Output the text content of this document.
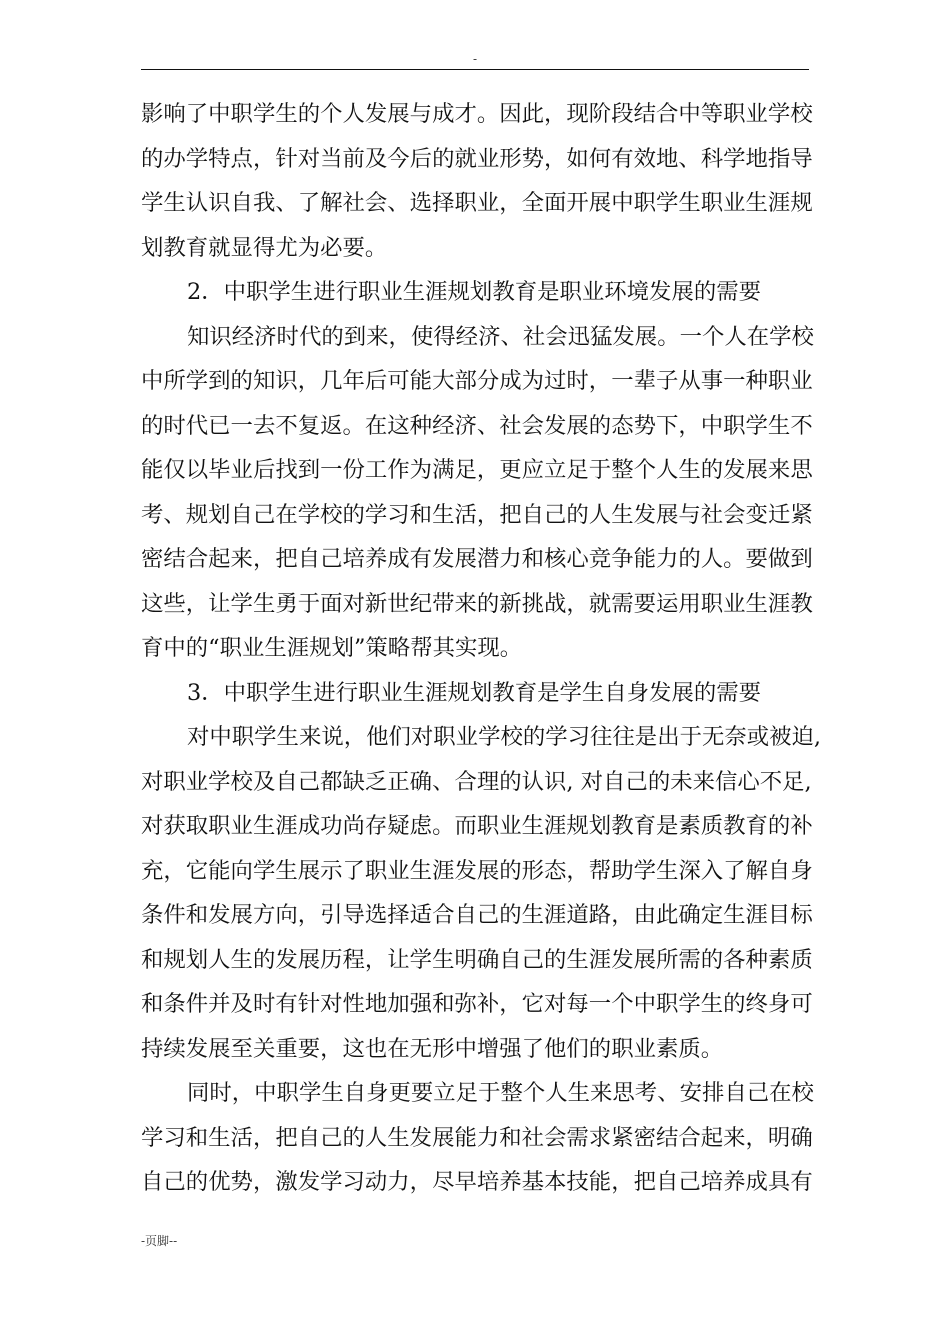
-
影响了中职学生的个人发展与成才。因此，现阶段结合中等职业学校
的办学特点，针对当前及今后的就业形势，如何有效地、科学地指导
学生认识自我、了解社会、选择职业，全面开展中职学生职业生涯规
划教育就显得尤为必要。
2．中职学生进行职业生涯规划教育是职业环境发展的需要
知识经济时代的到来，使得经济、社会迅猛发展。一个人在学校
中所学到的知识，几年后可能大部分成为过时，一辈子从事一种职业
的时代已一去不复返。在这种经济、社会发展的态势下，中职学生不
能仅以毕业后找到一份工作为满足，更应立足于整个人生的发展来思
考、规划自己在学校的学习和生活，把自己的人生发展与社会变迁紧
密结合起来，把自己培养成有发展潜力和核心竞争能力的人。要做到
这些，让学生勇于面对新世纪带来的新挑战，就需要运用职业生涯教
育中的“职业生涯规划”策略帮其实现。
3．中职学生进行职业生涯规划教育是学生自身发展的需要
对中职学生来说，他们对职业学校的学习往往是出于无奈或被迫,
对职业学校及自己都缺乏正确、合理的认识, 对自己的未来信心不足,
对获取职业生涯成功尚存疑虑。而职业生涯规划教育是素质教育的补
充，它能向学生展示了职业生涯发展的形态，帮助学生深入了解自身
条件和发展方向，引导选择适合自己的生涯道路，由此确定生涯目标
和规划人生的发展历程，让学生明确自己的生涯发展所需的各种素质
和条件并及时有针对性地加强和弥补，它对每一个中职学生的终身可
持续发展至关重要，这也在无形中增强了他们的职业素质。
同时，中职学生自身更要立足于整个人生来思考、安排自己在校
学习和生活，把自己的人生发展能力和社会需求紧密结合起来，明确
自己的优势，激发学习动力，尽早培养基本技能，把自己培养成具有
-页脚--
